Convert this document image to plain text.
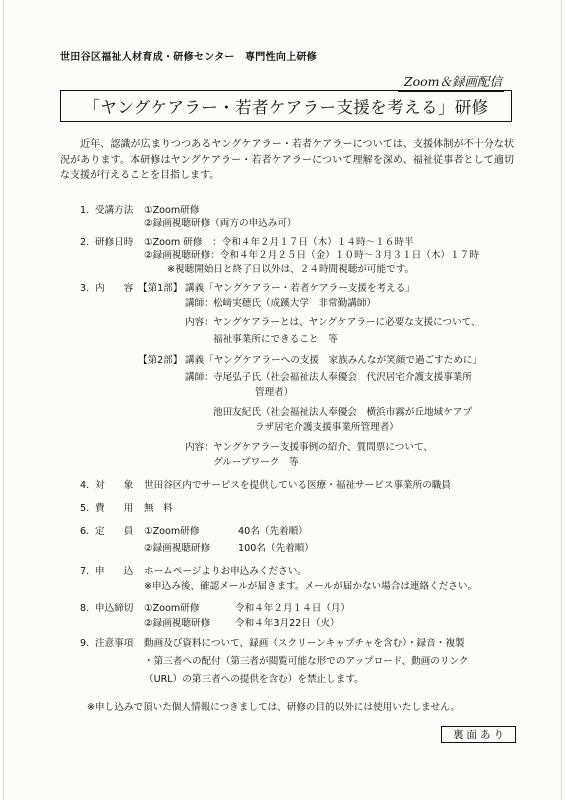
世田谷区福祉人材育成・研修センター　専門性向上研修
Zoom＆録画配信
「ヤングケアラー・若者ケアラー支援を考える」研修

近年、認識が広まりつつあるヤングケアラー・若者ケアラーについては、支援体制が不十分な状況があります。本研修はヤングケアラー・若者ケアラーについて理解を深め、福祉従事者として適切な支援が行えることを目指します。

1. 受講方法 ①Zoom研修
②録画視聴研修（両方の申込み可）
2. 研修日時 ①Zoom 研修　：令和４年２月１７日（木）１４時～１６時半
②録画視聴研修：令和４年２月２５日（金）１０時～３月３１日（木）１７時
※視聴開始日と終了日以外は、２４時間視聴が可能です。
3. 内　　容 【第1部】 講義「ヤングケアラー・若者ケアラー支援を考える」
講師： 松﨑実穂氏（成蹊大学　非常勤講師）
内容： ヤングケアラーとは、ヤングケアラーに必要な支援について、
福祉事業所にできること　等
【第2部】 講義「ヤングケアラーへの支援　家族みんなが笑顔で過ごすために」
講師： 寺尾弘子氏（社会福祉法人奉優会　代沢居宅介護支援事業所
管理者）
池田友紀氏（社会福祉法人奉優会　横浜市霧が丘地域ケアプ
ラザ居宅介護支援事業所管理者）
内容： ヤングケアラー支援事例の紹介、質問票について、
グループワーク　等
4. 対　　象 世田谷区内でサービスを提供している医療・福祉サービス事業所の職員
5. 費　　用 無　料
6. 定　　員 ①Zoom研修	40名（先着順）
②録画視聴研修	100名（先着順）
7. 申　　込 ホームページよりお申込みください。
※申込み後、確認メールが届きます。メールが届かない場合は連絡ください。
8. 申込締切 ①Zoom研修	令和４年２月１４日（月）
②録画視聴研修	令和４年3月22日（火）
9. 注意事項 動画及び資料について、録画（スクリーンキャプチャを含む）・録音・複製
・第三者への配付（第三者が閲覧可能な形でのアップロード、動画のリンク
（URL）の第三者への提供を含む）を禁止します。
※申し込みで頂いた個人情報につきましては、研修の目的以外には使用いたしません。
裏面あり
